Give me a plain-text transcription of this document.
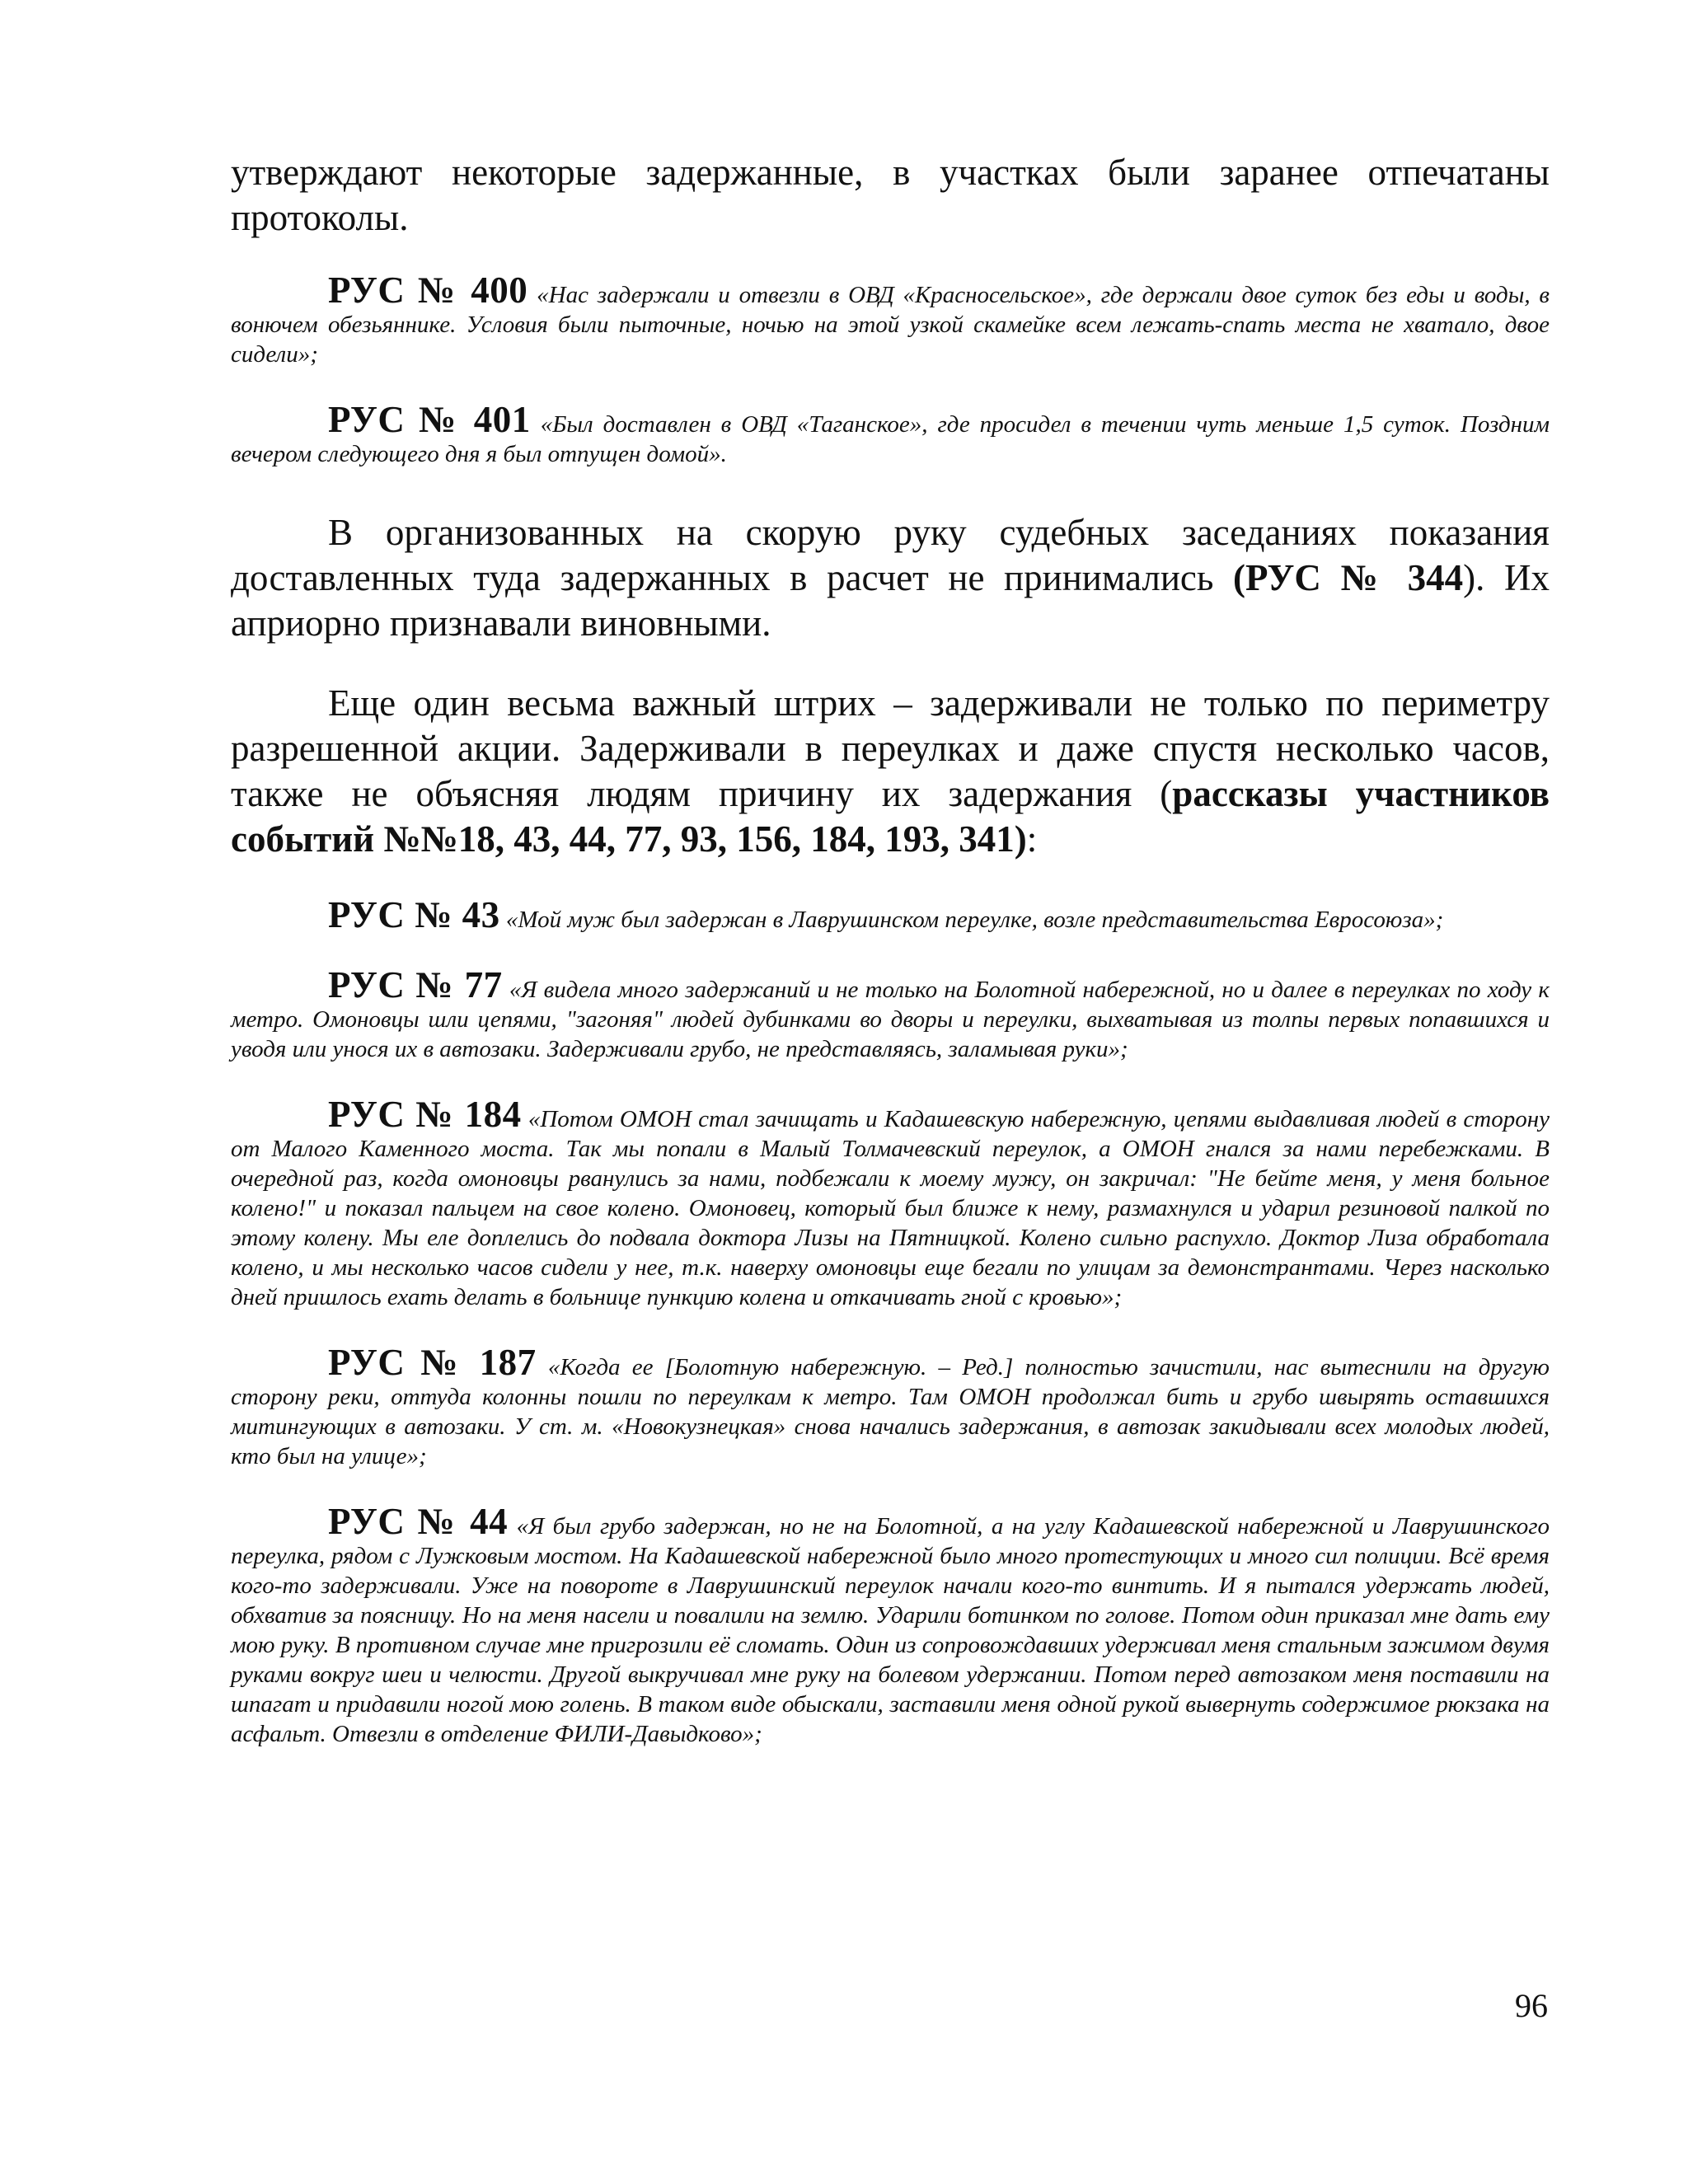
утверждают некоторые задержанные, в участках были заранее отпечатаны протоколы.

РУС № 400 «Нас задержали и отвезли в ОВД «Красносельское», где держали двое суток без еды и воды, в вонючем обезьяннике. Условия были пыточные, ночью на этой узкой скамейке всем лежать-спать места не хватало, двое сидели»;
РУС № 401 «Был доставлен в ОВД «Таганское», где просидел в течении чуть меньше 1,5 суток. Поздним вечером следующего дня я был отпущен домой».

В организованных на скорую руку судебных заседаниях показания доставленных туда задержанных в расчет не принимались (РУС № 344). Их априорно признавали виновными.

Еще один весьма важный штрих – задерживали не только по периметру разрешенной акции. Задерживали в переулках и даже спустя несколько часов, также не объясняя людям причину их задержания (рассказы участников событий №№18, 43, 44, 77, 93, 156, 184, 193, 341):

РУС № 43 «Мой муж был задержан в Лаврушинском переулке, возле представительства Евросоюза»;
РУС № 77 «Я видела много задержаний и не только на Болотной набережной, но и далее в переулках по ходу к метро. Омоновцы шли цепями, "загоняя" людей дубинками во дворы и переулки, выхватывая из толпы первых попавшихся и уводя или унося их в автозаки. Задерживали грубо, не представляясь, заламывая руки»;
РУС № 184 «Потом ОМОН стал зачищать и Кадашевскую набережную, цепями выдавливая людей в сторону от Малого Каменного моста. Так мы попали в Малый Толмачевский переулок, а ОМОН гнался за нами перебежками. В очередной раз, когда омоновцы рванулись за нами, подбежали к моему мужу, он закричал: "Не бейте меня, у меня больное колено!" и показал пальцем на свое колено. Омоновец, который был ближе к нему, размахнулся и ударил резиновой палкой по этому колену. Мы еле доплелись до подвала доктора Лизы на Пятницкой. Колено сильно распухло. Доктор Лиза обработала колено, и мы несколько часов сидели у нее, т.к. наверху омоновцы еще бегали по улицам за демонстрантами. Через насколько дней пришлось ехать делать в больнице пункцию колена и откачивать гной с кровью»;
РУС № 187 «Когда ее [Болотную набережную. – Ред.] полностью зачистили, нас вытеснили на другую сторону реки, оттуда колонны пошли по переулкам к метро. Там ОМОН продолжал бить и грубо швырять оставшихся митингующих в автозаки. У ст. м. «Новокузнецкая» снова начались задержания, в автозак закидывали всех молодых людей, кто был на улице»;
РУС № 44 «Я был грубо задержан, но не на Болотной, а на углу Кадашевской набережной и Лаврушинского переулка, рядом с Лужковым мостом. На Кадашевской набережной было много протестующих и много сил полиции. Всё время кого-то задерживали. Уже на повороте в Лаврушинский переулок начали кого-то винтить. И я пытался удержать людей, обхватив за поясницу. Но на меня насели и повалили на землю. Ударили ботинком по голове. Потом один приказал мне дать ему мою руку. В противном случае мне пригрозили её сломать. Один из сопровождавших удерживал меня стальным зажимом двумя руками вокруг шеи и челюсти. Другой выкручивал мне руку на болевом удержании. Потом перед автозаком меня поставили на шпагат и придавили ногой мою голень. В таком виде обыскали, заставили меня одной рукой вывернуть содержимое рюкзака на асфальт. Отвезли в отделение ФИЛИ-Давыдково»;
96
